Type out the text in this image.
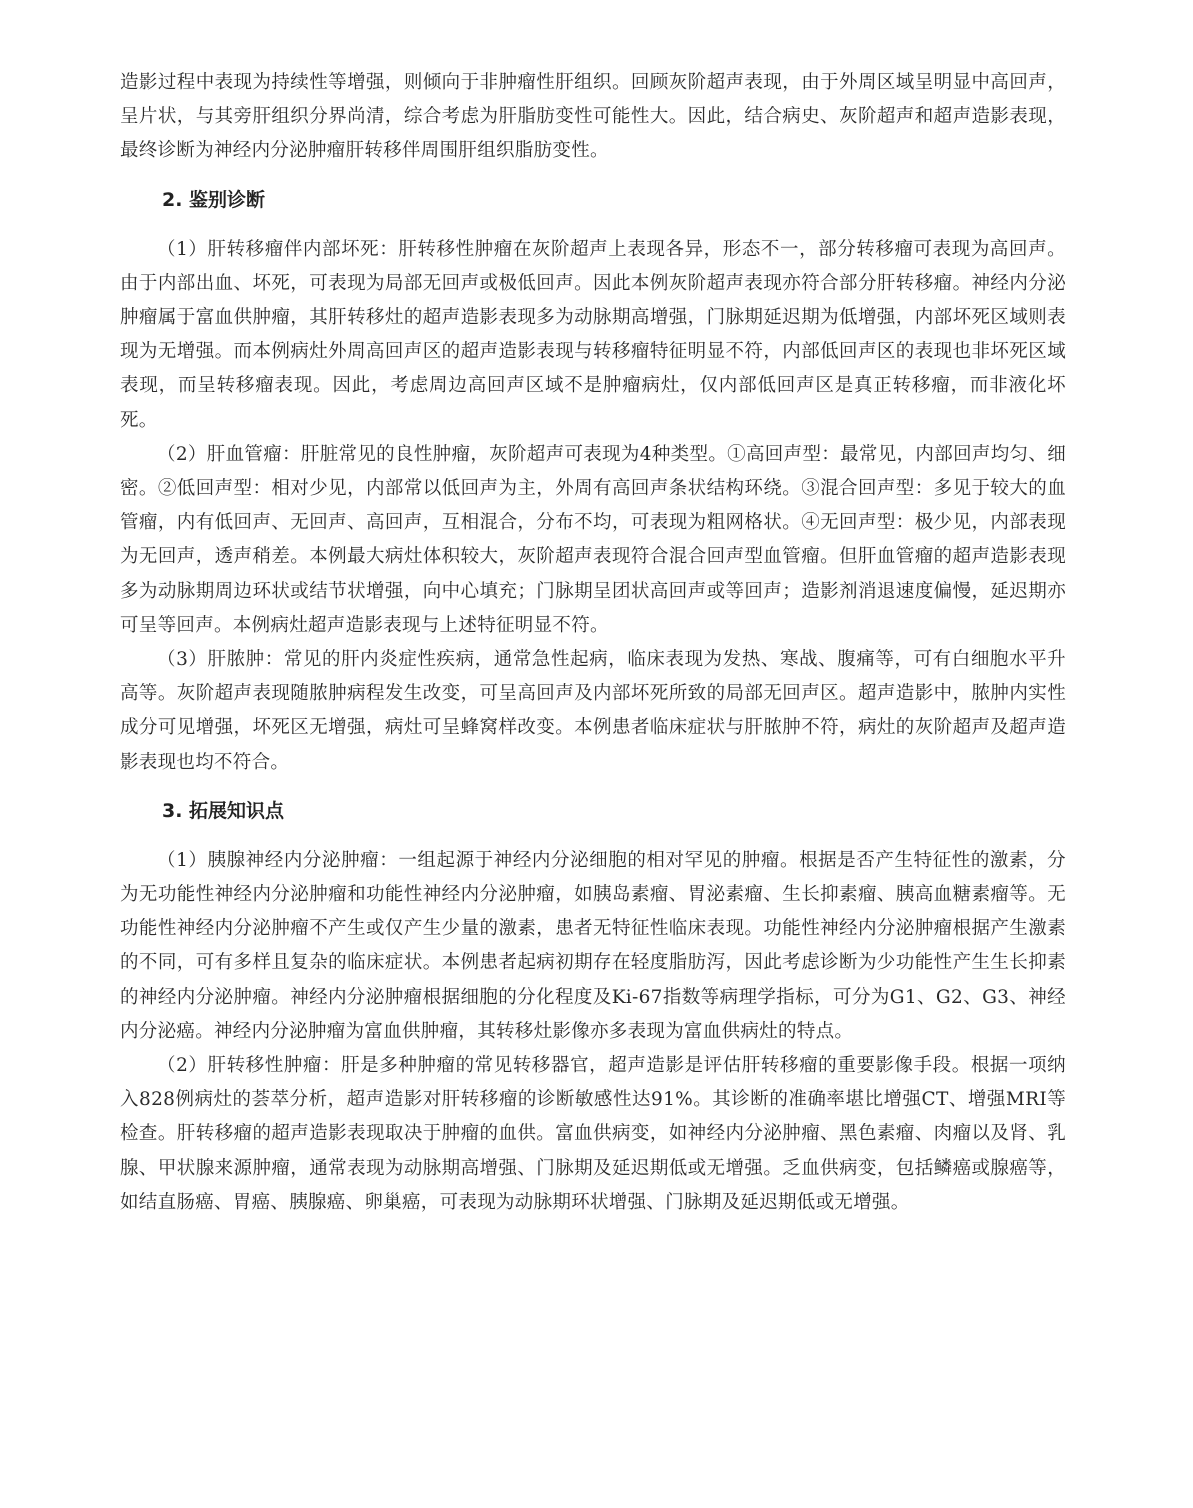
造影过程中表现为持续性等增强，则倾向于非肿瘤性肝组织。回顾灰阶超声表现，由于外周区域呈明显中高回声，呈片状，与其旁肝组织分界尚清，综合考虑为肝脂肪变性可能性大。因此，结合病史、灰阶超声和超声造影表现，最终诊断为神经内分泌肿瘤肝转移伴周围肝组织脂肪变性。

2. 鉴别诊断

（1）肝转移瘤伴内部坏死：肝转移性肿瘤在灰阶超声上表现各异，形态不一，部分转移瘤可表现为高回声。由于内部出血、坏死，可表现为局部无回声或极低回声。因此本例灰阶超声表现亦符合部分肝转移瘤。神经内分泌肿瘤属于富血供肿瘤，其肝转移灶的超声造影表现多为动脉期高增强，门脉期延迟期为低增强，内部坏死区域则表现为无增强。而本例病灶外周高回声区的超声造影表现与转移瘤特征明显不符，内部低回声区的表现也非坏死区域表现，而呈转移瘤表现。因此，考虑周边高回声区域不是肿瘤病灶，仅内部低回声区是真正转移瘤，而非液化坏死。

（2）肝血管瘤：肝脏常见的良性肿瘤，灰阶超声可表现为4种类型。①高回声型：最常见，内部回声均匀、细密。②低回声型：相对少见，内部常以低回声为主，外周有高回声条状结构环绕。③混合回声型：多见于较大的血管瘤，内有低回声、无回声、高回声，互相混合，分布不均，可表现为粗网格状。④无回声型：极少见，内部表现为无回声，透声稍差。本例最大病灶体积较大，灰阶超声表现符合混合回声型血管瘤。但肝血管瘤的超声造影表现多为动脉期周边环状或结节状增强，向中心填充；门脉期呈团状高回声或等回声；造影剂消退速度偏慢，延迟期亦可呈等回声。本例病灶超声造影表现与上述特征明显不符。

（3）肝脓肿：常见的肝内炎症性疾病，通常急性起病，临床表现为发热、寒战、腹痛等，可有白细胞水平升高等。灰阶超声表现随脓肿病程发生改变，可呈高回声及内部坏死所致的局部无回声区。超声造影中，脓肿内实性成分可见增强，坏死区无增强，病灶可呈蜂窝样改变。本例患者临床症状与肝脓肿不符，病灶的灰阶超声及超声造影表现也均不符合。

3. 拓展知识点

（1）胰腺神经内分泌肿瘤：一组起源于神经内分泌细胞的相对罕见的肿瘤。根据是否产生特征性的激素，分为无功能性神经内分泌肿瘤和功能性神经内分泌肿瘤，如胰岛素瘤、胃泌素瘤、生长抑素瘤、胰高血糖素瘤等。无功能性神经内分泌肿瘤不产生或仅产生少量的激素，患者无特征性临床表现。功能性神经内分泌肿瘤根据产生激素的不同，可有多样且复杂的临床症状。本例患者起病初期存在轻度脂肪泻，因此考虑诊断为少功能性产生生长抑素的神经内分泌肿瘤。神经内分泌肿瘤根据细胞的分化程度及Ki-67指数等病理学指标，可分为G1、G2、G3、神经内分泌癌。神经内分泌肿瘤为富血供肿瘤，其转移灶影像亦多表现为富血供病灶的特点。

（2）肝转移性肿瘤：肝是多种肿瘤的常见转移器官，超声造影是评估肝转移瘤的重要影像手段。根据一项纳入828例病灶的荟萃分析，超声造影对肝转移瘤的诊断敏感性达91%。其诊断的准确率堪比增强CT、增强MRI等检查。肝转移瘤的超声造影表现取决于肿瘤的血供。富血供病变，如神经内分泌肿瘤、黑色素瘤、肉瘤以及肾、乳腺、甲状腺来源肿瘤，通常表现为动脉期高增强、门脉期及延迟期低或无增强。乏血供病变，包括鳞癌或腺癌等，如结直肠癌、胃癌、胰腺癌、卵巢癌，可表现为动脉期环状增强、门脉期及延迟期低或无增强。
